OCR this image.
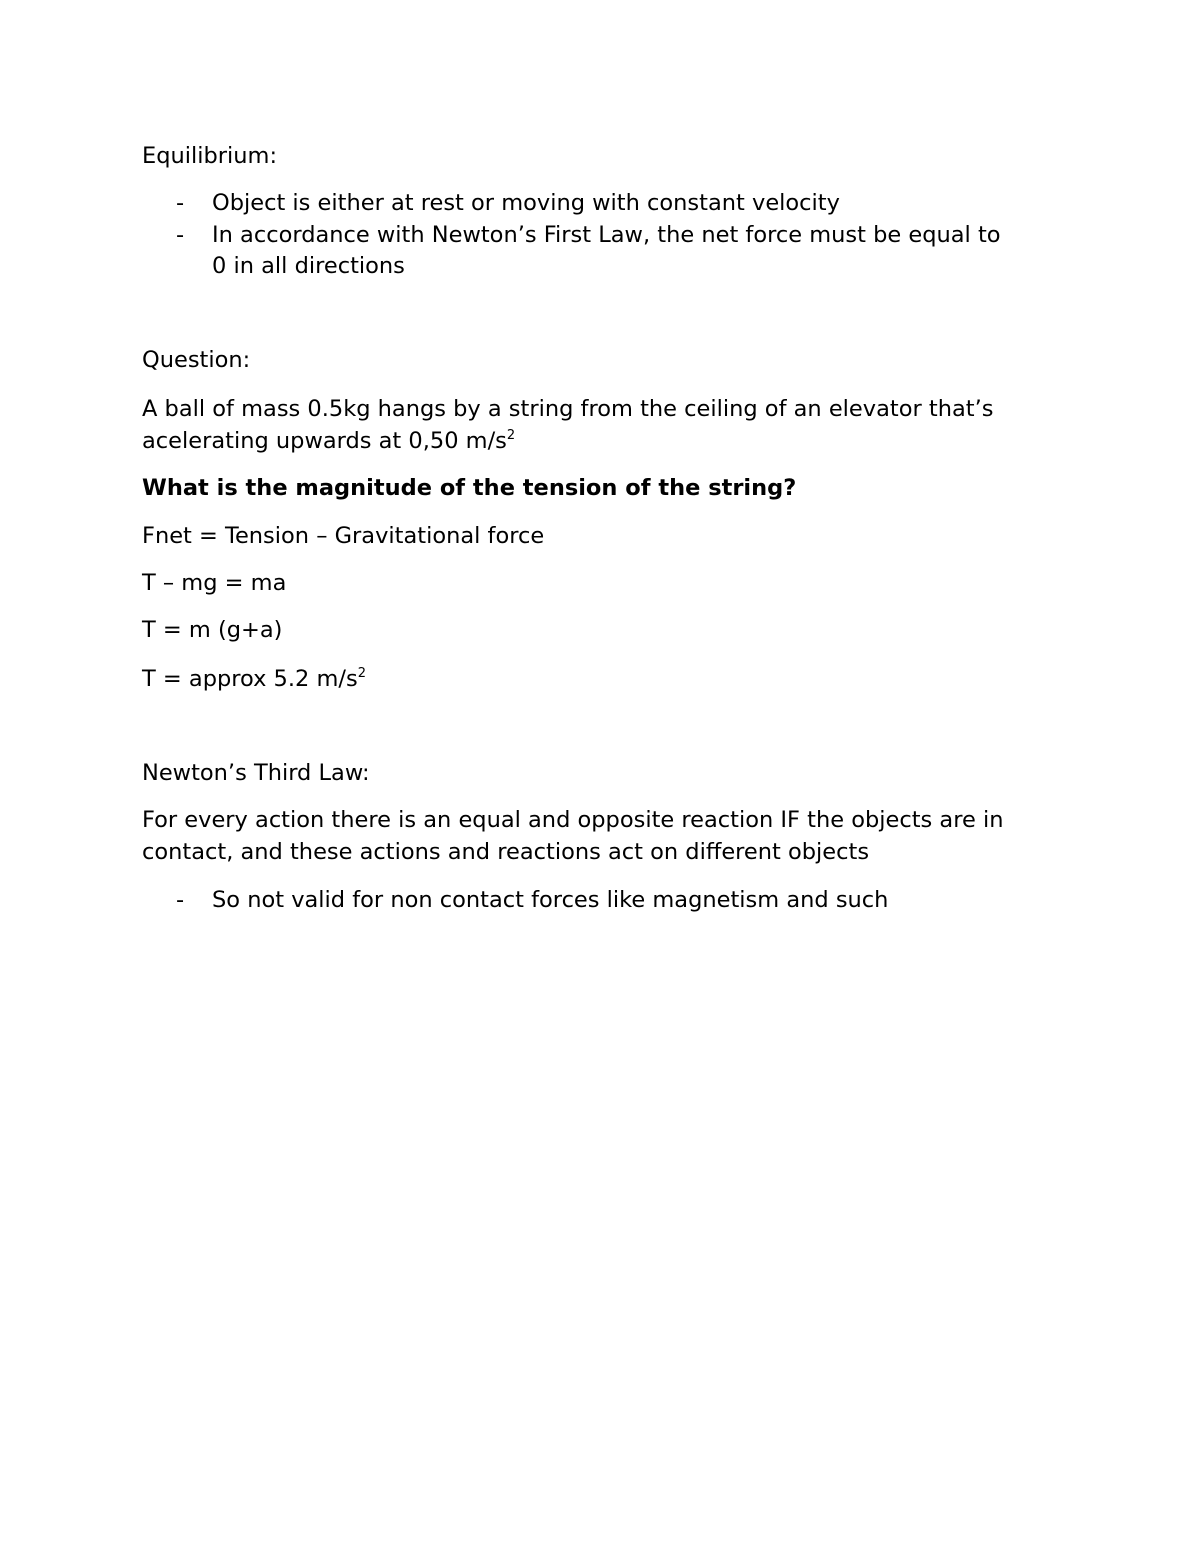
Equilibrium:
- Object is either at rest or moving with constant velocity
- In accordance with Newton’s First Law, the net force must be equal to
0 in all directions
Question:
A ball of mass 0.5kg hangs by a string from the ceiling of an elevator that’s
acelerating upwards at 0,50 $m/s^2$
What is the magnitude of the tension of the string?
Fnet = Tension – Gravitational force
T – mg = ma
T = m (g+a)
T = approx 5.2 $m/s^2$
Newton’s Third Law:
For every action there is an equal and opposite reaction IF the objects are in
contact, and these actions and reactions act on different objects
- So not valid for non contact forces like magnetism and such
